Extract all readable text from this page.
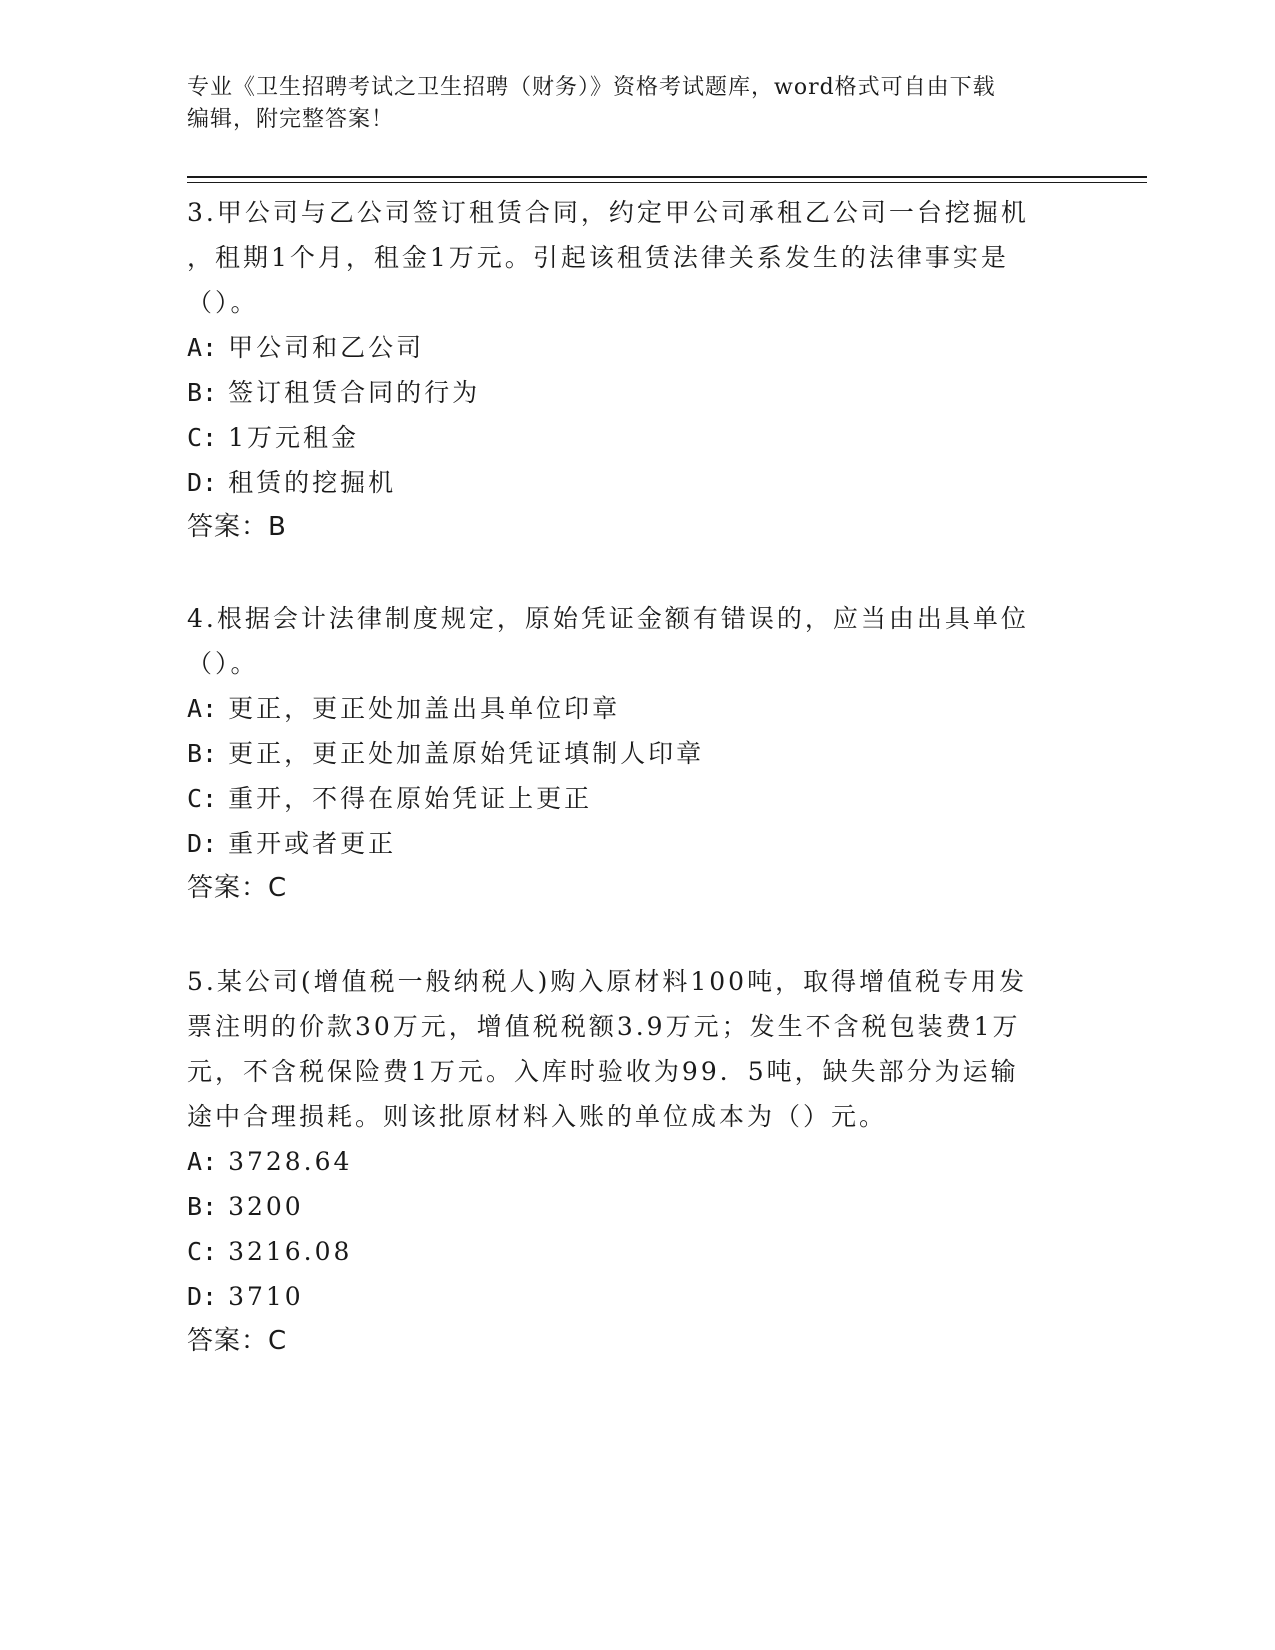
专业《卫生招聘考试之卫生招聘（财务）》资格考试题库，word格式可自由下载
编辑，附完整答案！

3.甲公司与乙公司签订租赁合同，约定甲公司承租乙公司一台挖掘机
，租期1个月，租金1万元。引起该租赁法律关系发生的法律事实是
（）。

A: 甲公司和乙公司

B: 签订租赁合同的行为

C: 1万元租金

D: 租赁的挖掘机

答案：B

4.根据会计法律制度规定，原始凭证金额有错误的，应当由出具单位
（）。

A: 更正，更正处加盖出具单位印章

B: 更正，更正处加盖原始凭证填制人印章

C: 重开，不得在原始凭证上更正

D: 重开或者更正

答案：C

5.某公司(增值税一般纳税人)购入原材料100吨，取得增值税专用发
票注明的价款30万元，增值税税额3.9万元；发生不含税包装费1万
元，不含税保险费1万元。入库时验收为99．5吨，缺失部分为运输
途中合理损耗。则该批原材料入账的单位成本为（）元。

A: 3728.64

B: 3200

C: 3216.08

D: 3710

答案：C
